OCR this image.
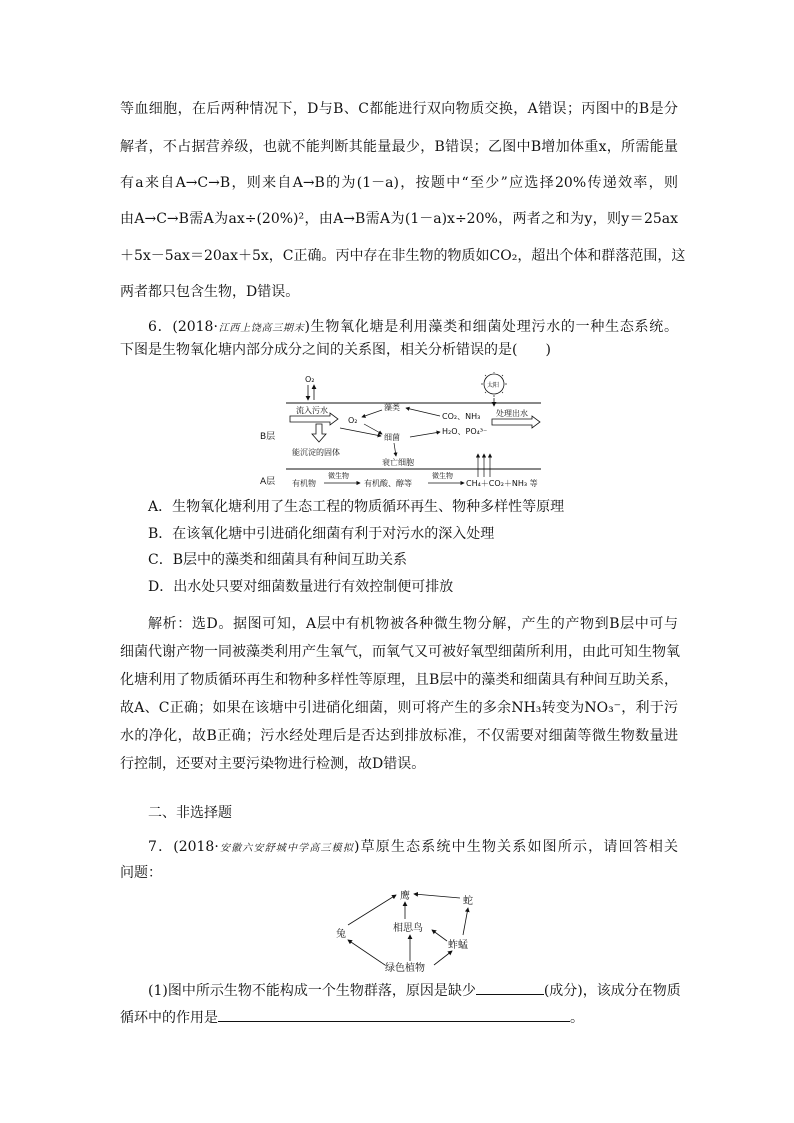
等血细胞，在后两种情况下，D与B、C都能进行双向物质交换，A错误；丙图中的B是分
解者，不占据营养级，也就不能判断其能量最少，B错误；乙图中B增加体重x，所需能量
有a来自A→C→B，则来自A→B的为(1－a)，按题中“至少”应选择20%传递效率，则
由A→C→B需A为ax÷(20%)²，由A→B需A为(1－a)x÷20%，两者之和为y，则y＝25ax
＋5x－5ax＝20ax＋5x，C正确。丙中存在非生物的物质如CO₂，超出个体和群落范围，这
两者都只包含生物，D错误。
6．(2018·江西上饶高三期末)生物氧化塘是利用藻类和细菌处理污水的一种生态系统。
下图是生物氧化塘内部分成分之间的关系图，相关分析错误的是(　　)
O₂
太阳
B层
A层
流入污水
O₂
藻类
CO₂、NH₃ 处理出水
细菌
H₂O、PO₄³⁻
能沉淀的固体
衰亡细胞
有机物
微生物
有机酸、醇等
微生物
CH₄＋CO₂＋NH₃ 等
A．生物氧化塘利用了生态工程的物质循环再生、物种多样性等原理
B．在该氧化塘中引进硝化细菌有利于对污水的深入处理
C．B层中的藻类和细菌具有种间互助关系
D．出水处只要对细菌数量进行有效控制便可排放
解析：选D。据图可知，A层中有机物被各种微生物分解，产生的产物到B层中可与
细菌代谢产物一同被藻类利用产生氧气，而氧气又可被好氧型细菌所利用，由此可知生物氧
化塘利用了物质循环再生和物种多样性等原理，且B层中的藻类和细菌具有种间互助关系，
故A、C正确；如果在该塘中引进硝化细菌，则可将产生的多余NH₃转变为NO₃⁻，利于污
水的净化，故B正确；污水经处理后是否达到排放标准，不仅需要对细菌等微生物数量进
行控制，还要对主要污染物进行检测，故D错误。
二、非选择题
7．(2018·安徽六安舒城中学高三模拟)草原生态系统中生物关系如图所示，请回答相关
问题：
鹰	蛇
兔
相思鸟
蚱蜢
绿色植物
(1)图中所示生物不能构成一个生物群落，原因是缺少	(成分)，该成分在物质
循环中的作用是	。
